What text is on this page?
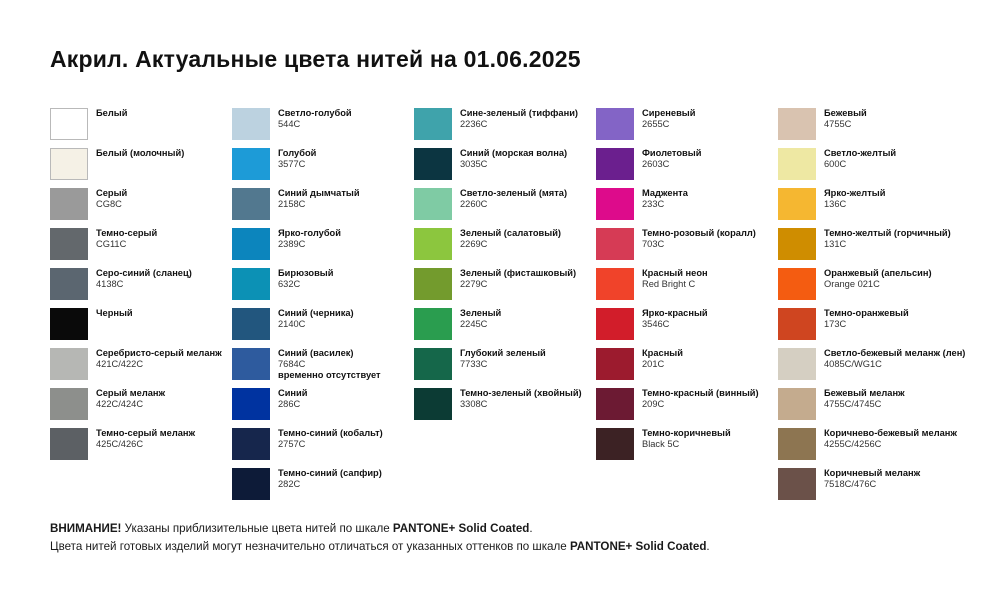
Акрил. Актуальные цвета нитей на 01.06.2025
Белый
Белый (молочный)
Серый
CG8C
Темно-серый
CG11C
Серо-синий (сланец)
4138C
Черный
Серебристо-серый меланж
421C/422C
Серый меланж
422C/424C
Темно-серый меланж
425C/426C
Светло-голубой
544C
Голубой
3577C
Синий дымчатый
2158C
Ярко-голубой
2389C
Бирюзовый
632C
Синий (черника)
2140C
Синий (василек)
7684C
временно отсутствует
Синий
286C
Темно-синий (кобальт)
2757C
Темно-синий (сапфир)
282C
Сине-зеленый (тиффани)
2236C
Синий (морская волна)
3035C
Светло-зеленый (мята)
2260C
Зеленый (салатовый)
2269C
Зеленый (фисташковый)
2279C
Зеленый
2245C
Глубокий зеленый
7733C
Темно-зеленый (хвойный)
3308C
Сиреневый
2655C
Фиолетовый
2603C
Маджента
233C
Темно-розовый (коралл)
703C
Красный неон
Red Bright C
Ярко-красный
3546C
Красный
201C
Темно-красный (винный)
209C
Темно-коричневый
Black 5C
Бежевый
4755C
Светло-желтый
600C
Ярко-желтый
136C
Темно-желтый (горчичный)
131C
Оранжевый (апельсин)
Orange 021C
Темно-оранжевый
173C
Светло-бежевый меланж (лен)
4085C/WG1C
Бежевый меланж
4755C/4745C
Коричнево-бежевый меланж
4255C/4256C
Коричневый меланж
7518C/476C
ВНИМАНИЕ! Указаны приблизительные цвета нитей по шкале PANTONE+ Solid Coated.
Цвета нитей готовых изделий могут незначительно отличаться от указанных оттенков по шкале PANTONE+ Solid Coated.
